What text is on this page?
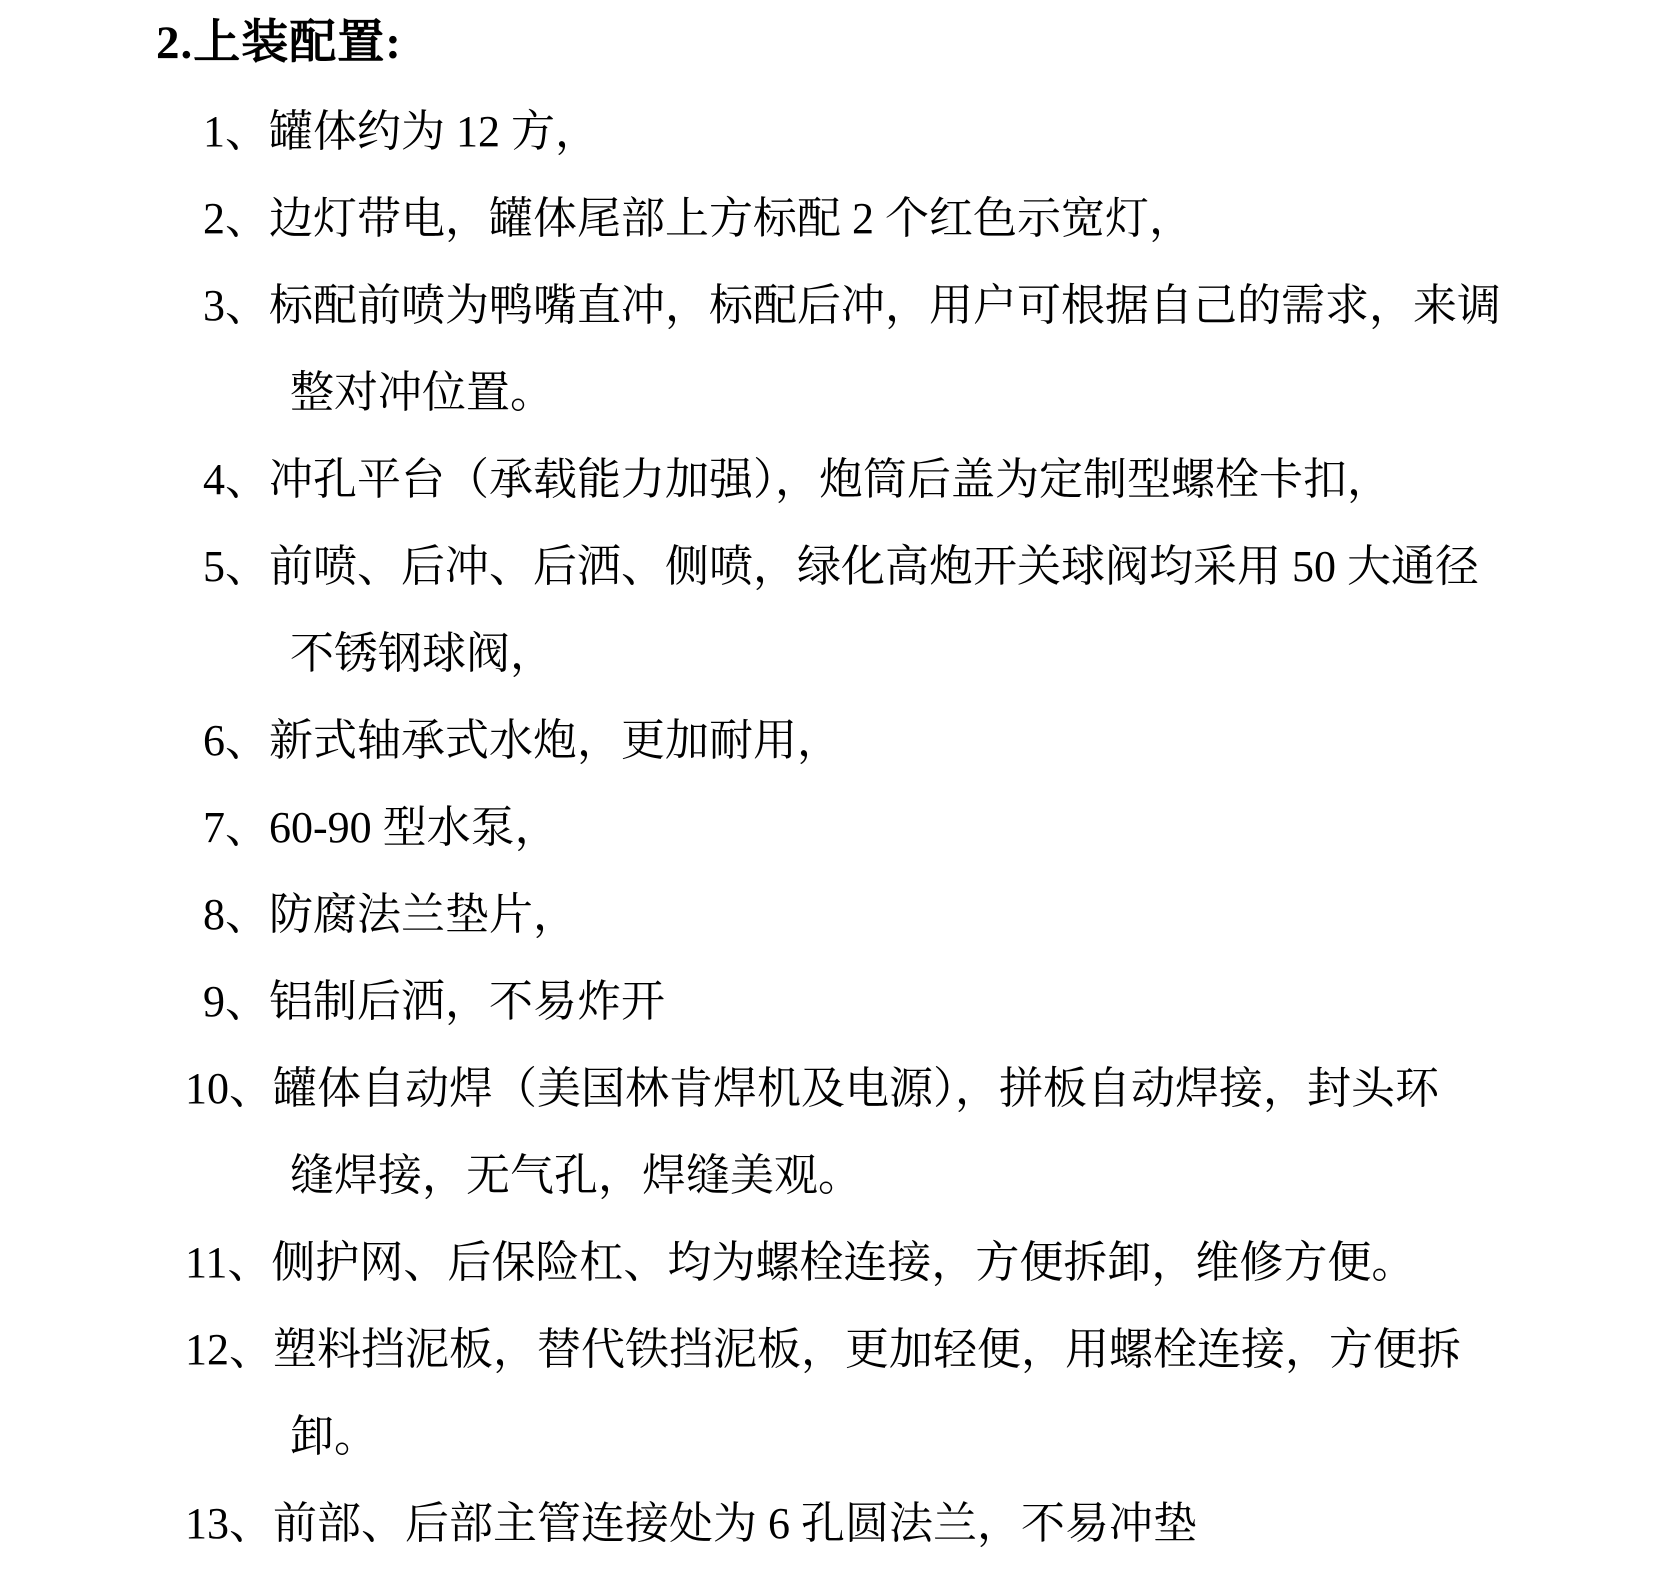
2.上装配置:
1、罐体约为 12 方，
2、边灯带电，罐体尾部上方标配 2 个红色示宽灯，
3、标配前喷为鸭嘴直冲，标配后冲，用户可根据自己的需求，来调
整对冲位置。
4、冲孔平台（承载能力加强），炮筒后盖为定制型螺栓卡扣，
5、前喷、后冲、后洒、侧喷，绿化高炮开关球阀均采用 50 大通径
不锈钢球阀，
6、新式轴承式水炮，更加耐用，
7、60-90 型水泵，
8、防腐法兰垫片，
9、铝制后洒，不易炸开
10、罐体自动焊（美国林肯焊机及电源），拼板自动焊接，封头环
缝焊接，无气孔，焊缝美观。
11、侧护网、后保险杠、均为螺栓连接，方便拆卸，维修方便。
12、塑料挡泥板，替代铁挡泥板，更加轻便，用螺栓连接，方便拆
卸。
13、前部、后部主管连接处为 6 孔圆法兰，不易冲垫
